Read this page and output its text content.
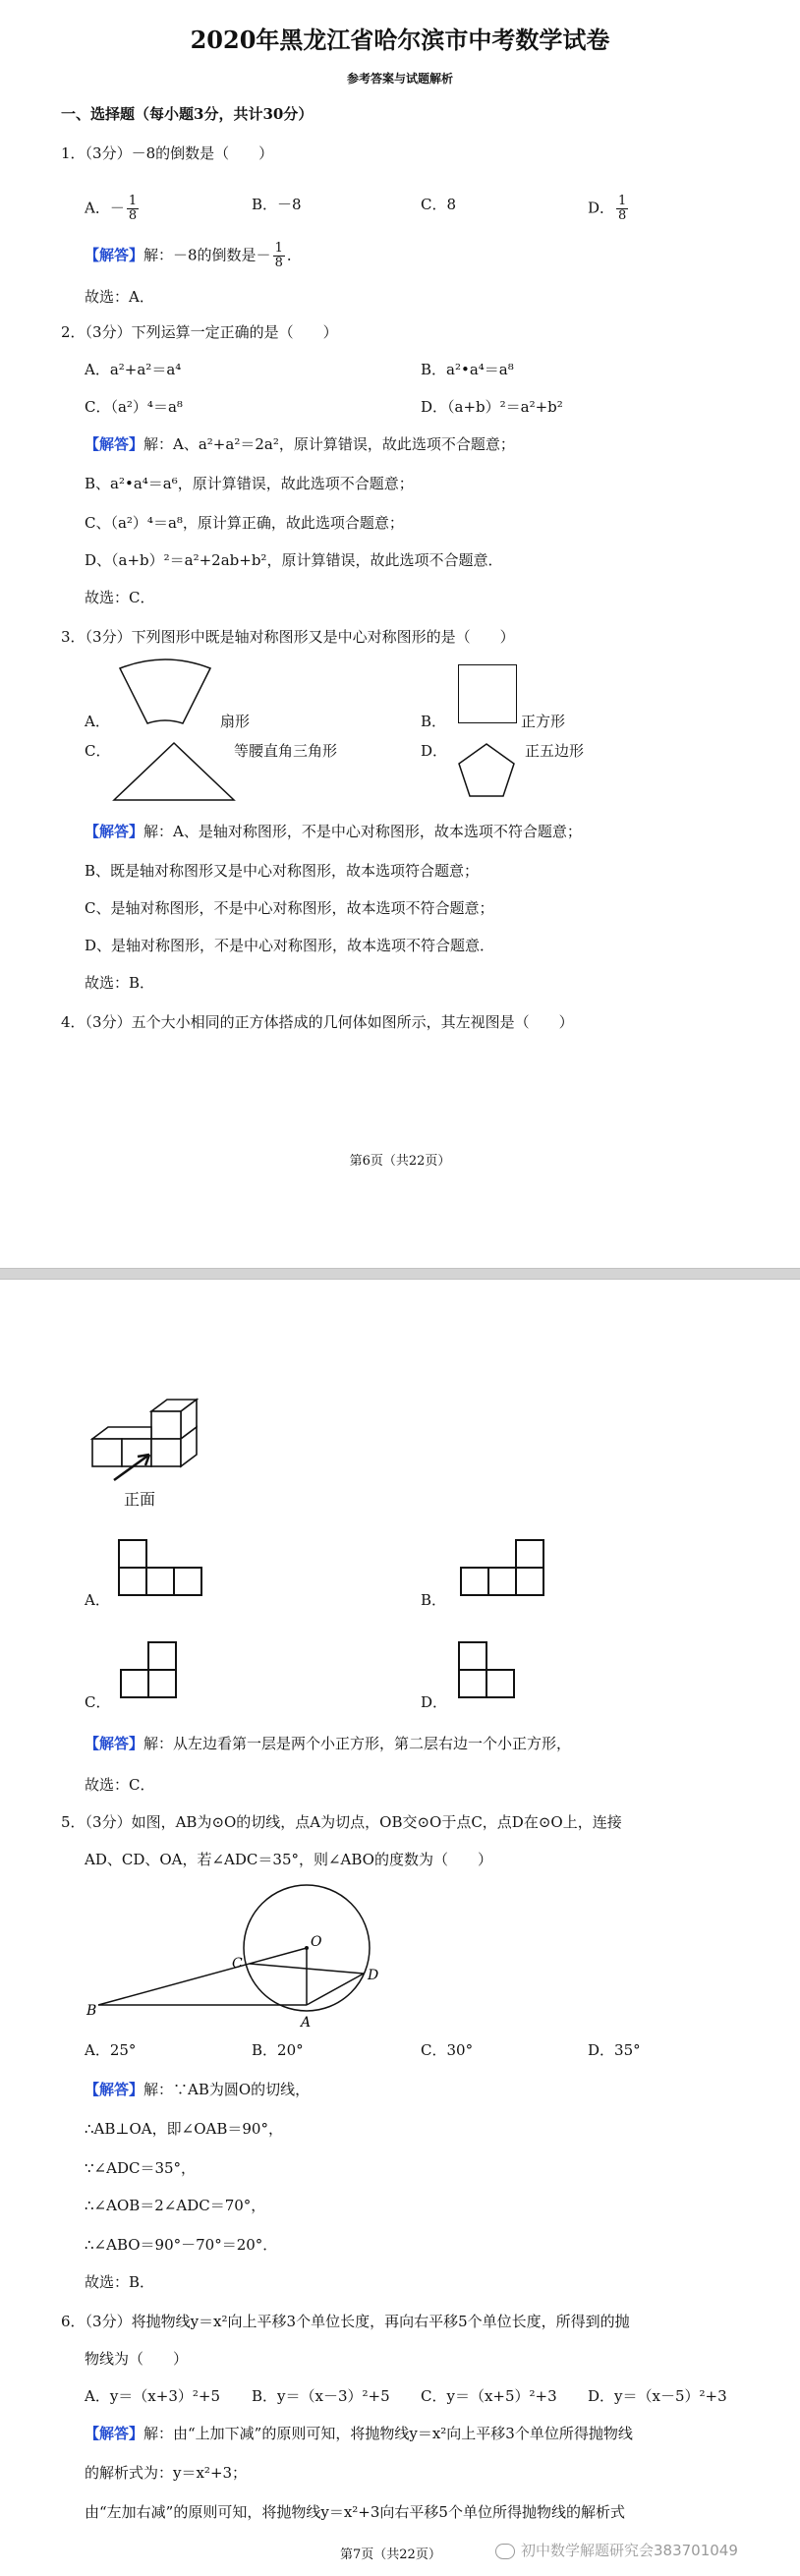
2020年黑龙江省哈尔滨市中考数学试卷
参考答案与试题解析
一、选择题（每小题3分，共计30分）
1．（3分）－8的倒数是（　　）
A．－ $\frac{1}{8}$	B．－8	C．8	D． $\frac{1}{8}$
【解答】解：－8的倒数是－ $\frac{1}{8}$ ．
故选：A．
2．（3分）下列运算一定正确的是（　　）
A．a²+a²＝a⁴	B．a²•a⁴＝a⁸
C．（a²）⁴＝a⁸	D．（a+b）²＝a²+b²
【解答】解：A、a²+a²＝2a²，原计算错误，故此选项不合题意；
B、a²•a⁴＝a⁶，原计算错误，故此选项不合题意；
C、（a²）⁴＝a⁸，原计算正确，故此选项合题意；
D、（a+b）²＝a²+2ab+b²，原计算错误，故此选项不合题意．
故选：C．
3．（3分）下列图形中既是轴对称图形又是中心对称图形的是（　　）
A．	扇形	B．	正方形
C．	等腰直角三角形	D．	正五边形
【解答】解：A、是轴对称图形，不是中心对称图形，故本选项不符合题意；
B、既是轴对称图形又是中心对称图形，故本选项符合题意；
C、是轴对称图形，不是中心对称图形，故本选项不符合题意；
D、是轴对称图形，不是中心对称图形，故本选项不符合题意．
故选：B．
4．（3分）五个大小相同的正方体搭成的几何体如图所示，其左视图是（　　）
第6页（共22页）
正面
A．	B．
C．	D．
【解答】解：从左边看第一层是两个小正方形，第二层右边一个小正方形，
故选：C．
5．（3分）如图，AB为⊙O的切线，点A为切点，OB交⊙O于点C，点D在⊙O上，连接
AD、CD、OA，若∠ADC＝35°，则∠ABO的度数为（　　）
B
C
O
D
A
A．25°	B．20°	C．30°	D．35°
【解答】解：∵AB为圆O的切线，
∴AB⊥OA，即∠OAB＝90°，
∵∠ADC＝35°，
∴∠AOB＝2∠ADC＝70°，
∴∠ABO＝90°－70°＝20°．
故选：B．
6．（3分）将抛物线y＝x²向上平移3个单位长度，再向右平移5个单位长度，所得到的抛
物线为（　　）
A．y＝（x+3）²+5 B．y＝（x－3）²+5 C．y＝（x+5）²+3 D．y＝（x－5）²+3
【解答】解：由“上加下减”的原则可知，将抛物线y＝x²向上平移3个单位所得抛物线
的解析式为：y＝x²+3；
由“左加右减”的原则可知，将抛物线y＝x²+3向右平移5个单位所得抛物线的解析式
第7页（共22页）	初中数学解题研究会383701049
